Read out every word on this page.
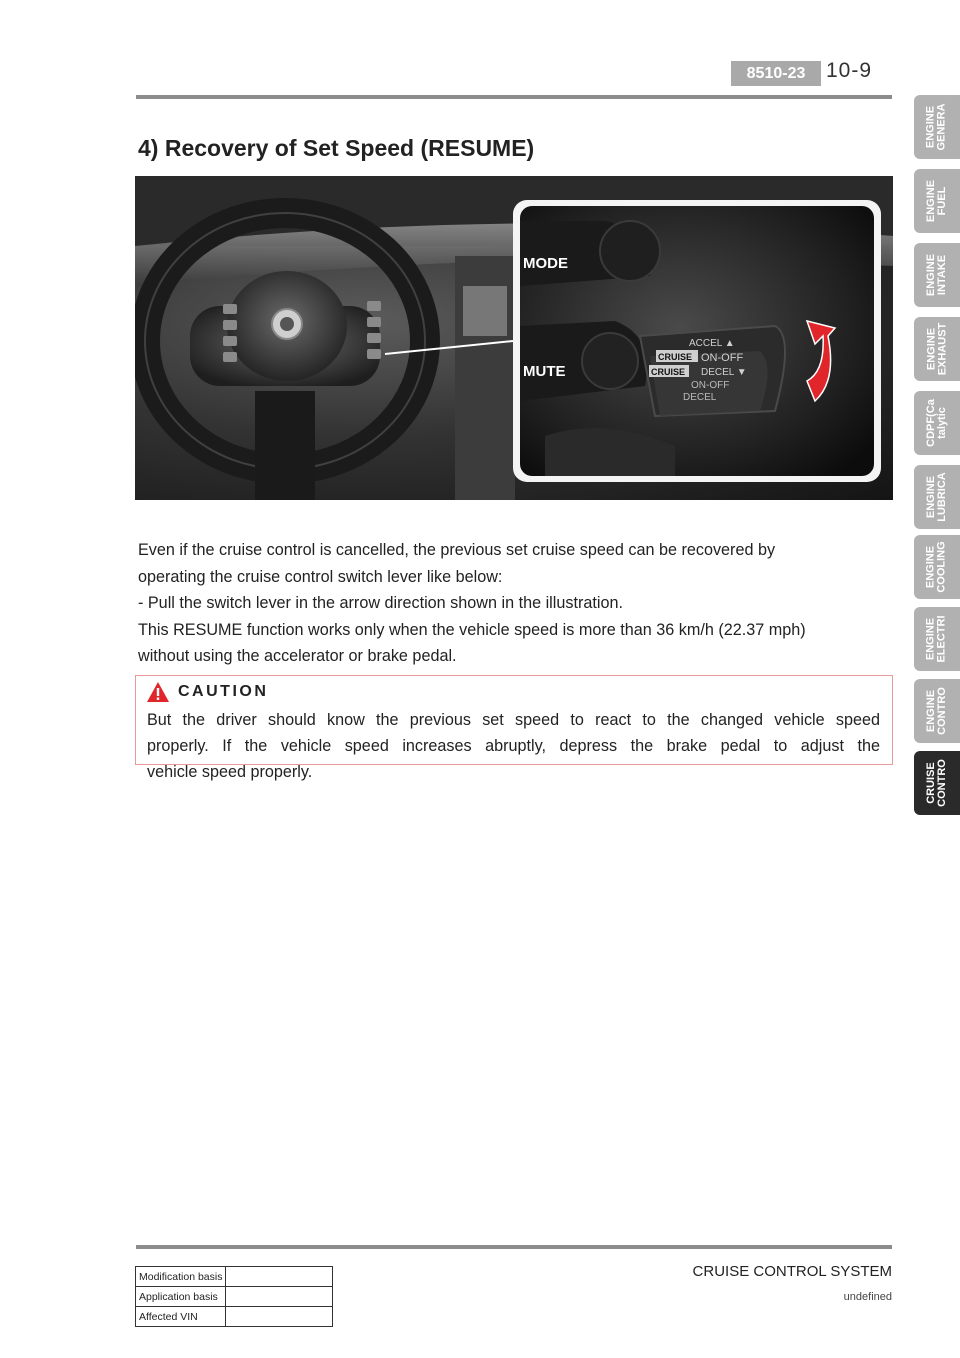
8510-23 10-9
4) Recovery of Set Speed (RESUME)
MODE
MUTE
ACCEL ▲
CRUISE ON-OFF
DECEL ▼
CRUISE
ON-OFF
DECEL

Even if the cruise control is cancelled, the previous set cruise speed can be recovered by

operating the cruise control switch lever like below:

- Pull the switch lever in the arrow direction shown in the illustration.

This RESUME function works only when the vehicle speed is more than 36 km/h (22.37 mph)

without using the accelerator or brake pedal.

CAUTION
But the driver should know the previous set speed to react to the changed vehicle speed
properly. If the vehicle speed increases abruptly, depress the brake pedal to adjust the
vehicle speed properly.
ENGINE
GENERA
ENGINE
FUEL
ENGINE
INTAKE
ENGINE
EXHAUST
CDPF(Ca
talytic
ENGINE
LUBRICA
ENGINE
COOLING
ENGINE
ELECTRI
ENGINE
CONTRO
CRUISE
CONTRO
CRUISE CONTROL SYSTEM
undefined
Modification basis	
Application basis	
Affected VIN	
